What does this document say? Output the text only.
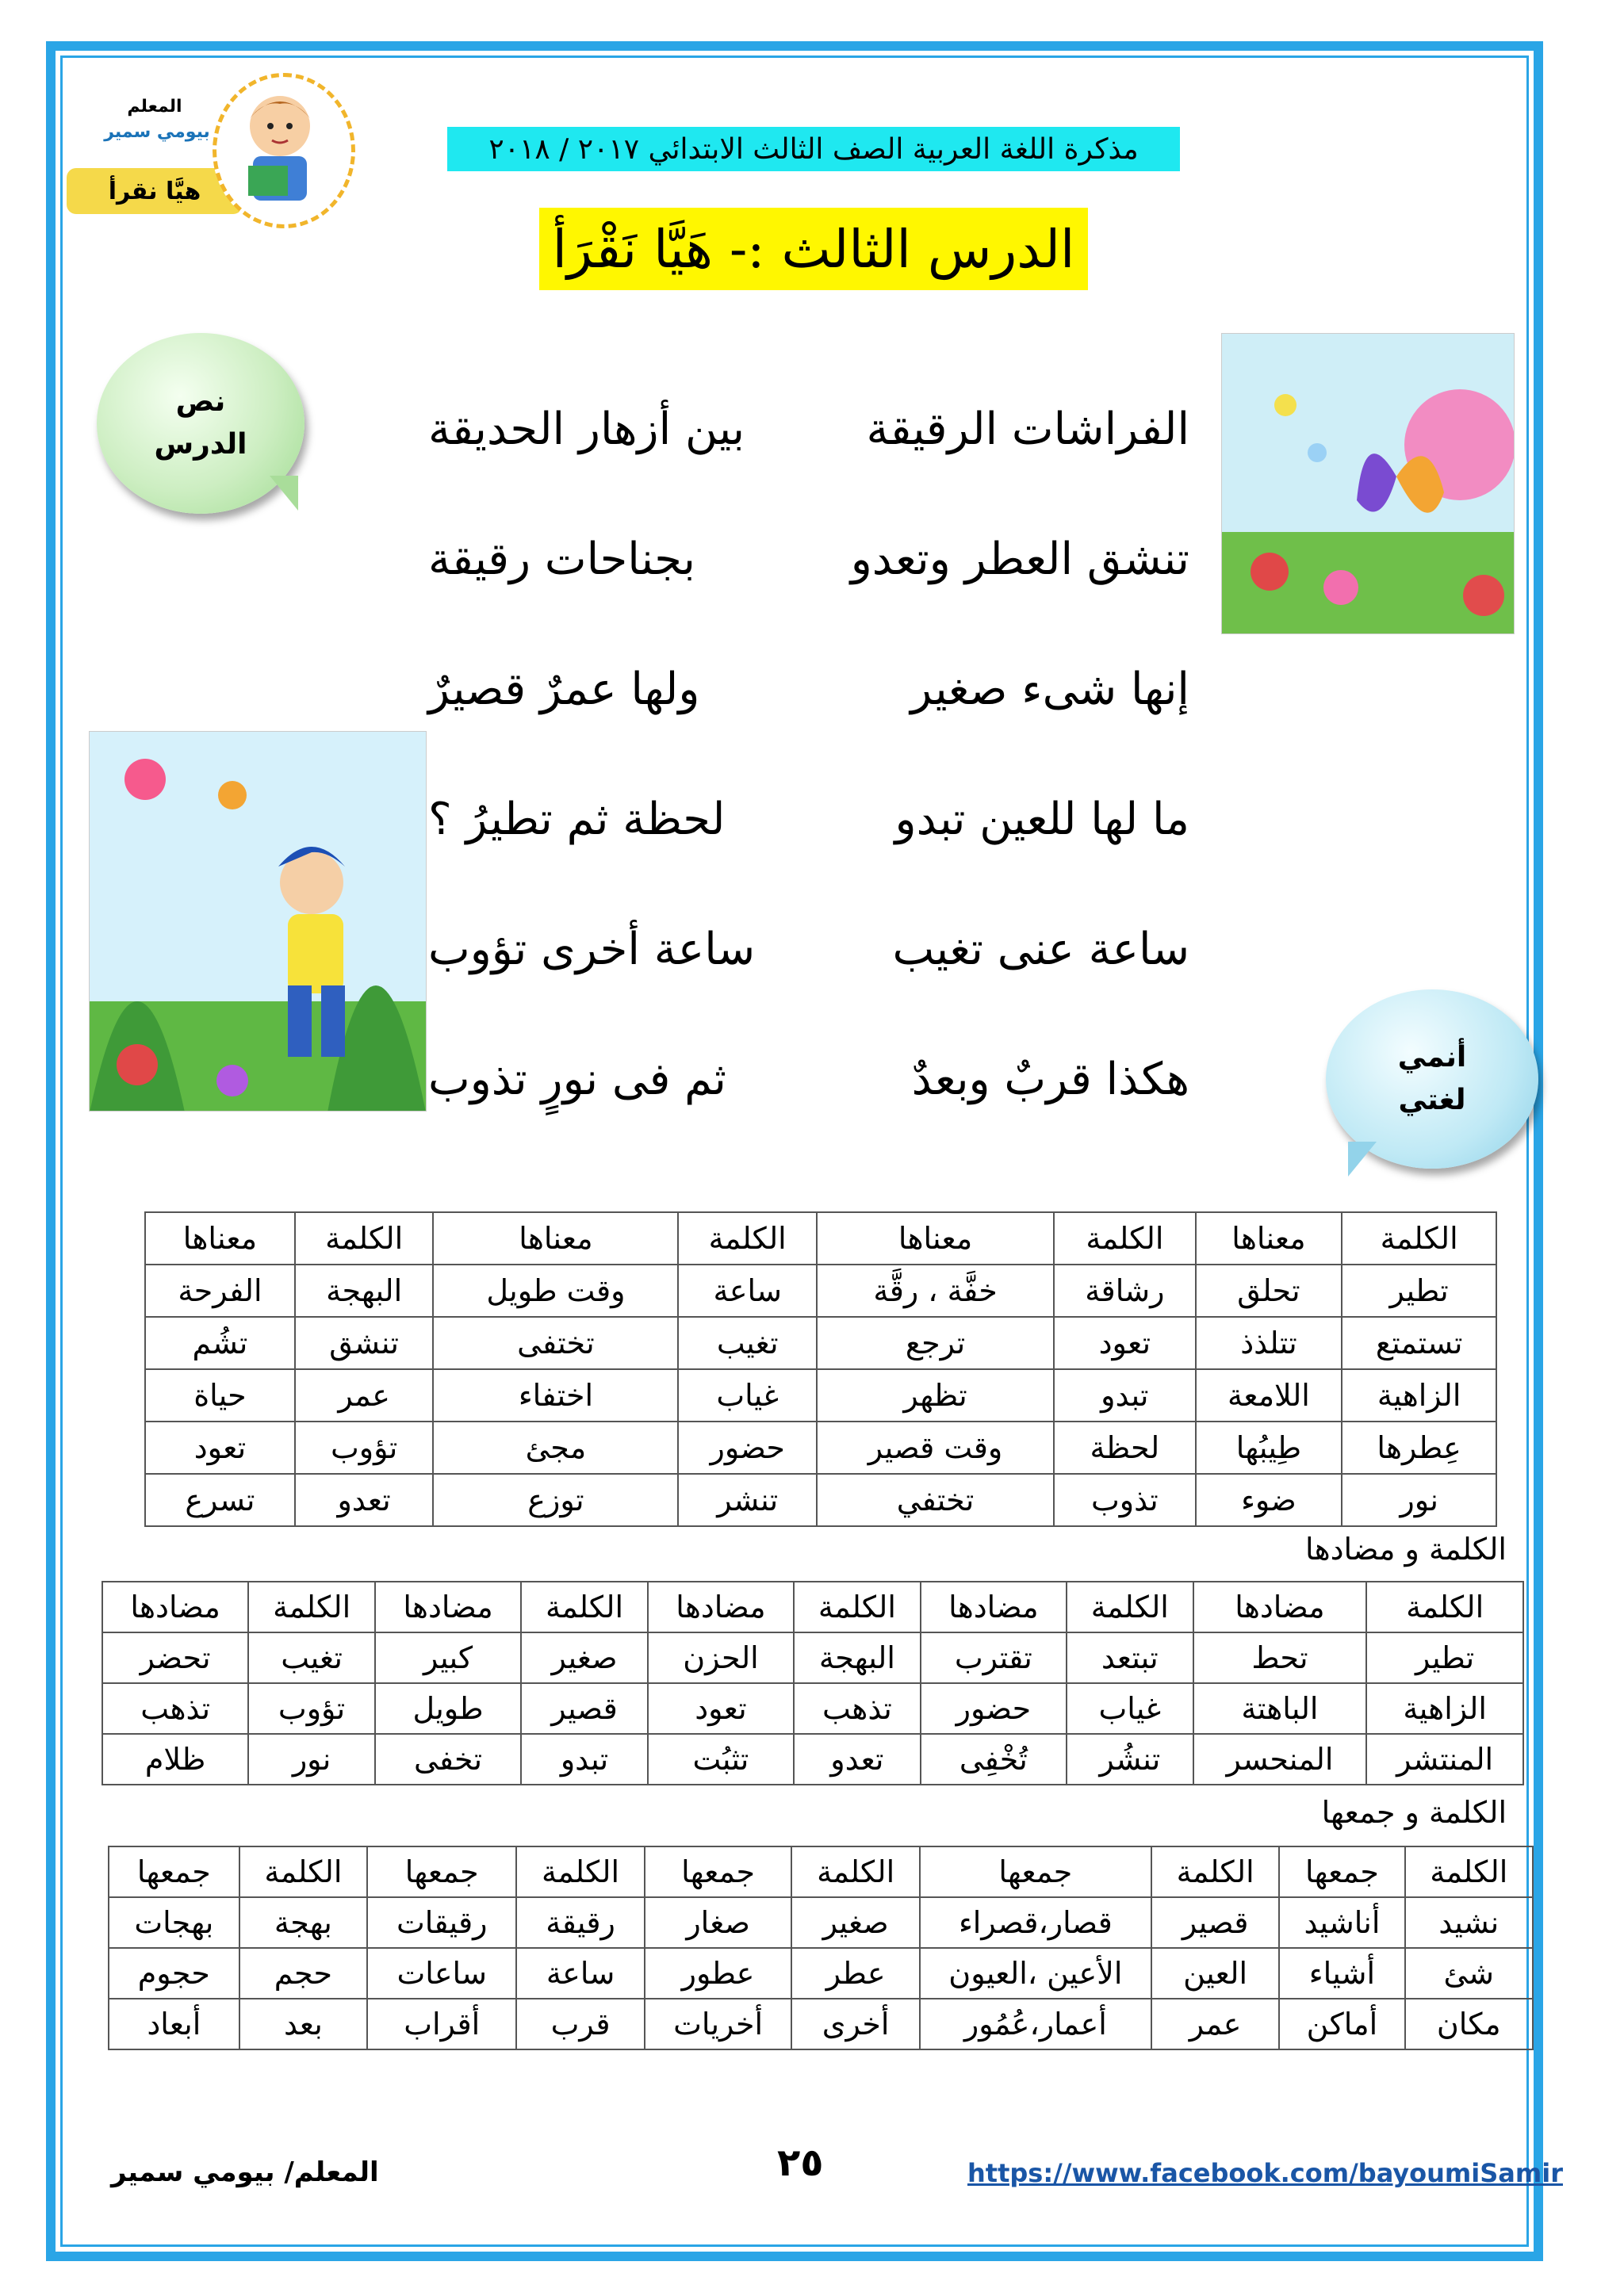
المعلم
بيومي سمير
هيَّا نقرأ
مذكرة اللغة العربية الصف الثالث الابتدائي ٢٠١٧ / ٢٠١٨
الدرس الثالث :- هَيَّا نَقْرَأ
نص
الدرس
أنمي
لغتي
الفراشات الرقيقة
بين أزهار الحديقة
تنشق العطر وتعدو
بجناحات رقيقة
إنها شىء صغير
ولها عمرٌ قصيرٌ
ما لها للعين تبدو
لحظة ثم تطيرُ ؟
ساعة عنى تغيب
ساعة أخرى تؤوب
هكذا قربٌ وبعدٌ
ثم فى نورٍ تذوب
الكلمة	معناها	الكلمة	معناها	الكلمة	معناها	الكلمة	معناها
تطير	تحلق	رشاقة	خفَّة ، رقَّة	ساعة	وقت طويل	البهجة	الفرحة
تستمتع	تتلذذ	تعود	ترجع	تغيب	تختفى	تنشق	تشُم
الزاهية	اللامعة	تبدو	تظهر	غياب	اختفاء	عمر	حياة
عِطرها	طِيبُها	لحظة	وقت قصير	حضور	مجئ	تؤوب	تعود
نور	ضوء	تذوب	تختفي	تنشر	توزع	تعدو	تسرع
الكلمة و مضادها
الكلمة	مضادها	الكلمة	مضادها	الكلمة	مضادها	الكلمة	مضادها	الكلمة	مضادها
تطير	تحط	تبتعد	تقترب	البهجة	الحزن	صغير	كبير	تغيب	تحضر
الزاهية	الباهتة	غياب	حضور	تذهب	تعود	قصير	طويل	تؤوب	تذهب
المنتشر	المنحسر	تنشُر	تُخْفِى	تعدو	تثبُت	تبدو	تخفى	نور	ظلام
الكلمة و جمعها
الكلمة	جمعها	الكلمة	جمعها	الكلمة	جمعها	الكلمة	جمعها	الكلمة	جمعها
نشيد	أناشيد	قصير	قصار،قصراء	صغير	صغار	رقيقة	رقيقات	بهجة	بهجات
شئ	أشياء	العين	الأعين ،العيون	عطر	عطور	ساعة	ساعات	حجم	حجوم
مكان	أماكن	عمر	أعمار،عُمُور	أخرى	أخريات	قرب	أقراب	بعد	أبعاد
المعلم/ بيومي سمير	٢٥	https://www.facebook.com/bayoumiSamir
